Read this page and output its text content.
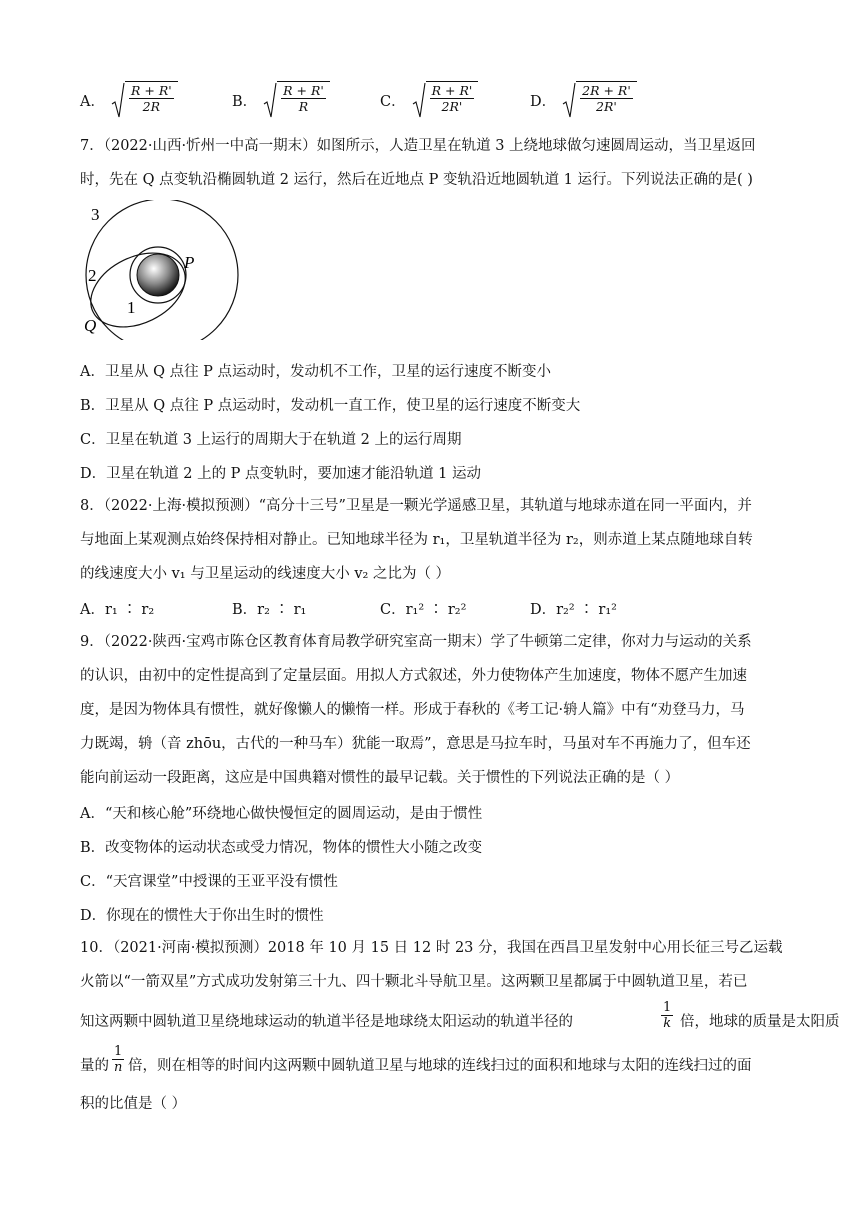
A． $\frac{R + R'}{2R}$	B． $\frac{R + R'}{R}$	C． $\frac{R + R'}{2R'}$	D． $\frac{2R + R'}{2R'}$
7．（2022·山西·忻州一中高一期末）如图所示，人造卫星在轨道 3 上绕地球做匀速圆周运动，当卫星返回
时，先在 Q 点变轨沿椭圆轨道 2 运行，然后在近地点 P 变轨沿近地圆轨道 1 运行。下列说法正确的是( )
3
2
1
P
Q
A．卫星从 Q 点往 P 点运动时，发动机不工作，卫星的运行速度不断变小
B．卫星从 Q 点往 P 点运动时，发动机一直工作，使卫星的运行速度不断变大
C．卫星在轨道 3 上运行的周期大于在轨道 2 上的运行周期
D．卫星在轨道 2 上的 P 点变轨时，要加速才能沿轨道 1 运动
8．（2022·上海·模拟预测）“高分十三号”卫星是一颗光学遥感卫星，其轨道与地球赤道在同一平面内，并
与地面上某观测点始终保持相对静止。已知地球半径为 r₁，卫星轨道半径为 r₂，则赤道上某点随地球自转
的线速度大小 v₁ 与卫星运动的线速度大小 v₂ 之比为（ ）
A．r₁ ∶ r₂	B．r₂ ∶ r₁	C．r₁² ∶ r₂²	D．r₂² ∶ r₁²
9．（2022·陕西·宝鸡市陈仓区教育体育局教学研究室高一期末）学了牛顿第二定律，你对力与运动的关系
的认识，由初中的定性提高到了定量层面。用拟人方式叙述，外力使物体产生加速度，物体不愿产生加速
度，是因为物体具有惯性，就好像懒人的懒惰一样。形成于春秋的《考工记·辀人篇》中有“劝登马力，马
力既竭，辀（音 zhōu，古代的一种马车）犹能一取焉”，意思是马拉车时，马虽对车不再施力了，但车还
能向前运动一段距离，这应是中国典籍对惯性的最早记载。关于惯性的下列说法正确的是（ ）
A．“天和核心舱”环绕地心做快慢恒定的圆周运动，是由于惯性
B．改变物体的运动状态或受力情况，物体的惯性大小随之改变
C．“天宫课堂”中授课的王亚平没有惯性
D．你现在的惯性大于你出生时的惯性
10．（2021·河南·模拟预测）2018 年 10 月 15 日 12 时 23 分，我国在西昌卫星发射中心用长征三号乙运载
火箭以“一箭双星”方式成功发射第三十九、四十颗北斗导航卫星。这两颗卫星都属于中圆轨道卫星，若已
知这两颗中圆轨道卫星绕地球运动的轨道半径是地球绕太阳运动的轨道半径的
1
k 倍，地球的质量是太阳质
量的
1
n 倍，则在相等的时间内这两颗中圆轨道卫星与地球的连线扫过的面积和地球与太阳的连线扫过的面
积的比值是（ ）
